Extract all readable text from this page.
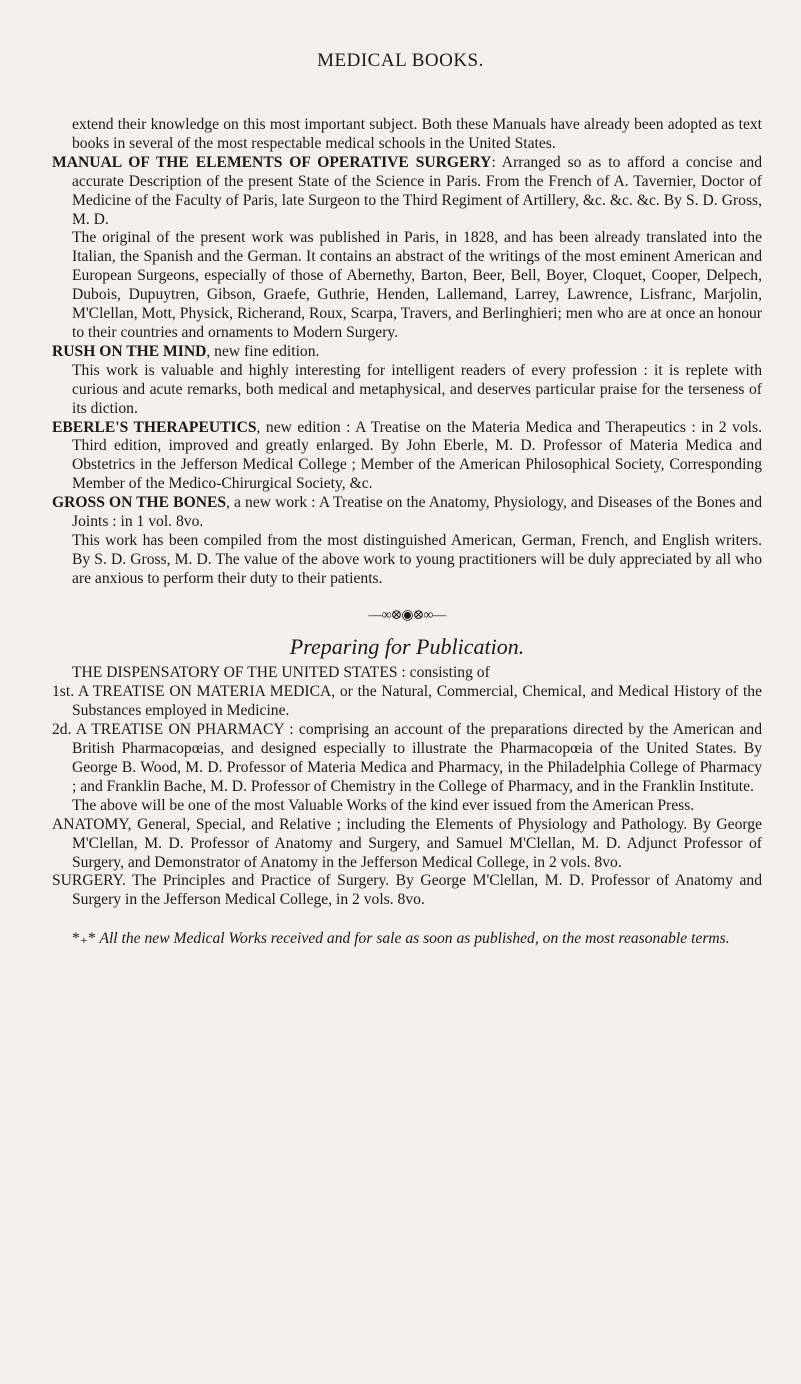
MEDICAL BOOKS.

extend their knowledge on this most important subject. Both these Manuals have already been adopted as text books in several of the most respectable medical schools in the United States.

MANUAL OF THE ELEMENTS OF OPERATIVE SURGERY: Arranged so as to afford a concise and accurate Description of the present State of the Science in Paris. From the French of A. Tavernier, Doctor of Medicine of the Faculty of Paris, late Surgeon to the Third Regiment of Artillery, &c. &c. &c. By S. D. Gross, M. D.

The original of the present work was published in Paris, in 1828, and has been already translated into the Italian, the Spanish and the German. It contains an abstract of the writings of the most eminent American and European Surgeons, especially of those of Abernethy, Barton, Beer, Bell, Boyer, Cloquet, Cooper, Delpech, Dubois, Dupuytren, Gibson, Graefe, Guthrie, Henden, Lallemand, Larrey, Lawrence, Lisfranc, Marjolin, M'Clellan, Mott, Physick, Richerand, Roux, Scarpa, Travers, and Berlinghieri; men who are at once an honour to their countries and ornaments to Modern Surgery.

RUSH ON THE MIND, new fine edition.

This work is valuable and highly interesting for intelligent readers of every profession : it is replete with curious and acute remarks, both medical and metaphysical, and deserves particular praise for the terseness of its diction.

EBERLE'S THERAPEUTICS, new edition : A Treatise on the Materia Medica and Therapeutics : in 2 vols. Third edition, improved and greatly enlarged. By John Eberle, M. D. Professor of Materia Medica and Obstetrics in the Jefferson Medical College ; Member of the American Philosophical Society, Corresponding Member of the Medico-Chirurgical Society, &c.

GROSS ON THE BONES, a new work : A Treatise on the Anatomy, Physiology, and Diseases of the Bones and Joints : in 1 vol. 8vo.

This work has been compiled from the most distinguished American, German, French, and English writers. By S. D. Gross, M. D. The value of the above work to young practitioners will be duly appreciated by all who are anxious to perform their duty to their patients.

—∞⊗◉⊗∞—
Preparing for Publication.

THE DISPENSATORY OF THE UNITED STATES : consisting of

1st. A TREATISE ON MATERIA MEDICA, or the Natural, Commercial, Chemical, and Medical History of the Substances employed in Medicine.

2d. A TREATISE ON PHARMACY : comprising an account of the preparations directed by the American and British Pharmacopœias, and designed especially to illustrate the Pharmacopœia of the United States. By George B. Wood, M. D. Professor of Materia Medica and Pharmacy, in the Philadelphia College of Pharmacy ; and Franklin Bache, M. D. Professor of Chemistry in the College of Pharmacy, and in the Franklin Institute.

The above will be one of the most Valuable Works of the kind ever issued from the American Press.

ANATOMY, General, Special, and Relative ; including the Elements of Physiology and Pathology. By George M'Clellan, M. D. Professor of Anatomy and Surgery, and Samuel M'Clellan, M. D. Adjunct Professor of Surgery, and Demonstrator of Anatomy in the Jefferson Medical College, in 2 vols. 8vo.

SURGERY. The Principles and Practice of Surgery. By George M'Clellan, M. D. Professor of Anatomy and Surgery in the Jefferson Medical College, in 2 vols. 8vo.

*₊* All the new Medical Works received and for sale as soon as published, on the most reasonable terms.
